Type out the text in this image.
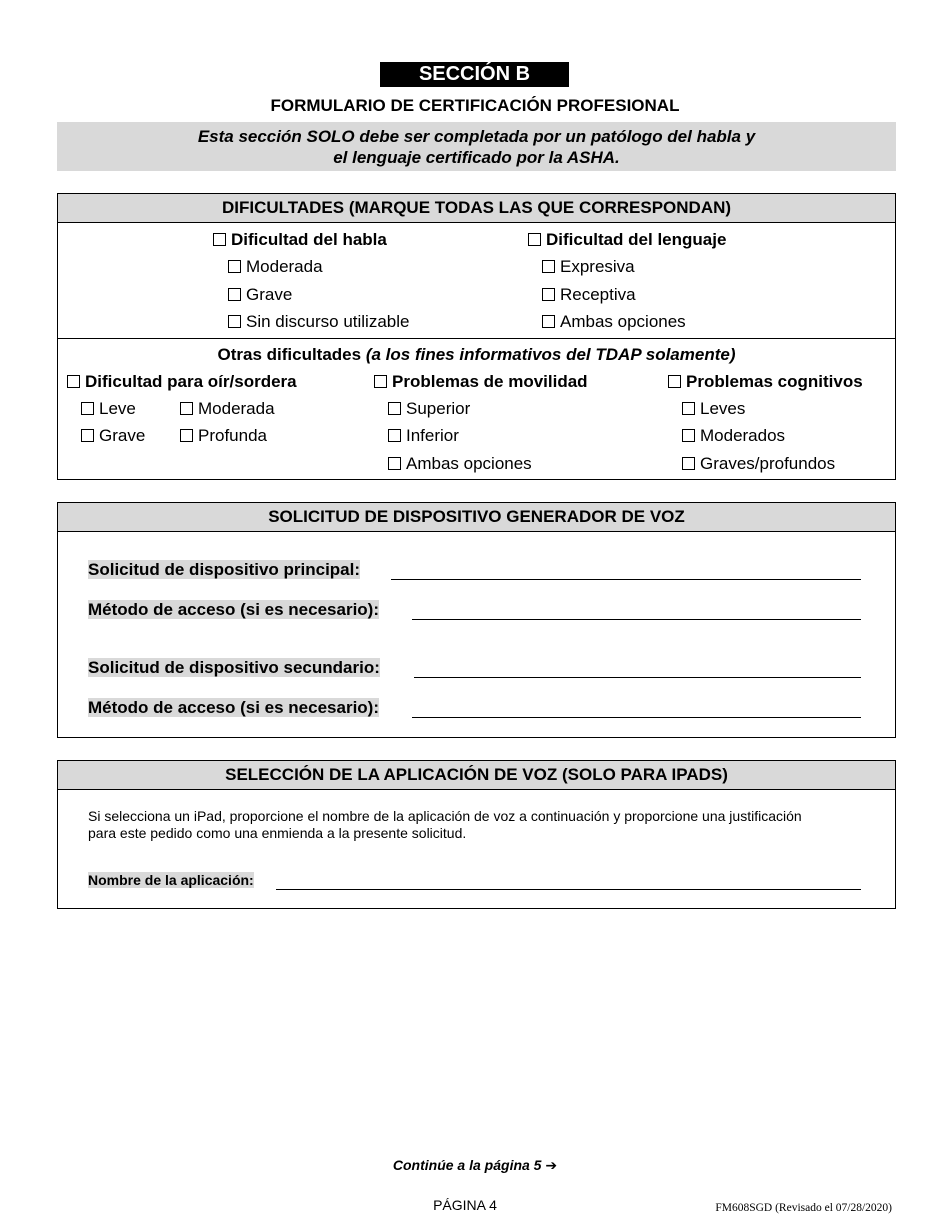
SECCIÓN B
FORMULARIO DE CERTIFICACIÓN PROFESIONAL
Esta sección SOLO debe ser completada por un patólogo del habla y
el lenguaje certificado por la ASHA.
DIFICULTADES (MARQUE TODAS LAS QUE CORRESPONDAN)
Dificultad del habla
Moderada
Grave
Sin discurso utilizable
Dificultad del lenguaje
Expresiva
Receptiva
Ambas opciones
Otras dificultades (a los fines informativos del TDAP solamente)
Dificultad para oír/sordera
Leve	Moderada
Grave	Profunda
Problemas de movilidad
Superior
Inferior
Ambas opciones
Problemas cognitivos
Leves
Moderados
Graves/profundos
SOLICITUD DE DISPOSITIVO GENERADOR DE VOZ
Solicitud de dispositivo principal:
Método de acceso (si es necesario):
Solicitud de dispositivo secundario:
Método de acceso (si es necesario):
SELECCIÓN DE LA APLICACIÓN DE VOZ (SOLO PARA IPADS)
Si selecciona un iPad, proporcione el nombre de la aplicación de voz a continuación y proporcione una justificación
para este pedido como una enmienda a la presente solicitud.
Nombre de la aplicación:
Continúe a la página 5 ➔
PÁGINA 4	FM608SGD (Revisado el 07/28/2020)
